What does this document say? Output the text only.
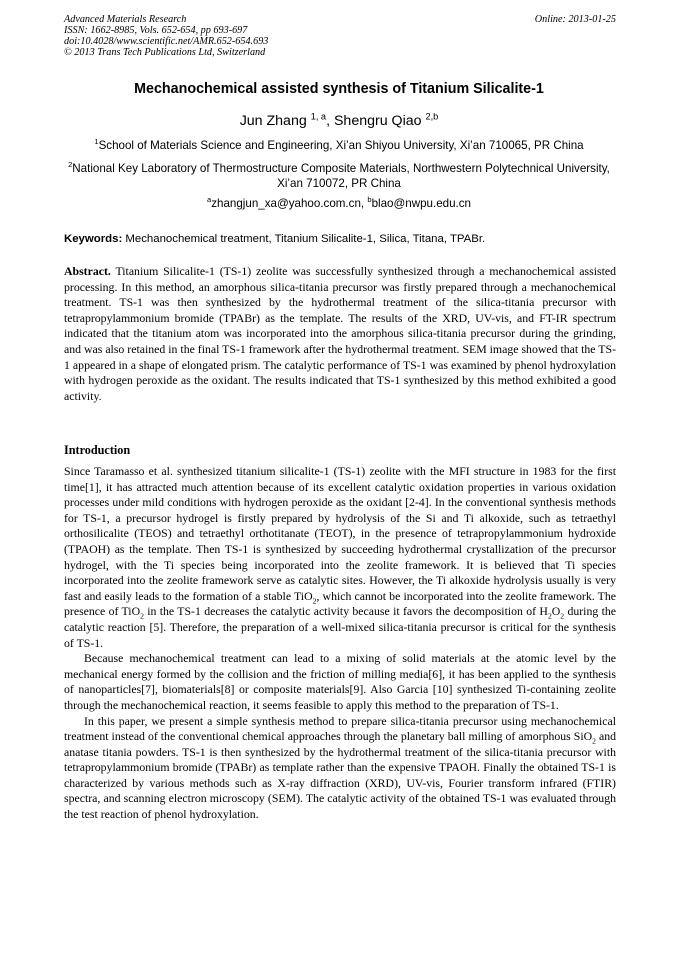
Advanced Materials Research
ISSN: 1662-8985, Vols. 652-654, pp 693-697
doi:10.4028/www.scientific.net/AMR.652-654.693
© 2013 Trans Tech Publications Ltd, Switzerland
Online: 2013-01-25
Mechanochemical assisted synthesis of Titanium Silicalite-1
Jun Zhang $^{1, a}$, Shengru Qiao $^{2,b}$
$^1$School of Materials Science and Engineering, Xi’an Shiyou University, Xi’an 710065, PR China
$^2$National Key Laboratory of Thermostructure Composite Materials, Northwestern Polytechnical University, Xi’an 710072, PR China
$^a$zhangjun_xa@yahoo.com.cn, $^b$blao@nwpu.edu.cn
Keywords: Mechanochemical treatment, Titanium Silicalite-1, Silica, Titana, TPABr.

Abstract. Titanium Silicalite-1 (TS-1) zeolite was successfully synthesized through a mechanochemical assisted processing. In this method, an amorphous silica-titania precursor was firstly prepared through a mechanochemical treatment. TS-1 was then synthesized by the hydrothermal treatment of the silica-titania precursor with tetrapropylammonium bromide (TPABr) as the template. The results of the XRD, UV-vis, and FT-IR spectrum indicated that the titanium atom was incorporated into the amorphous silica-titania precursor during the grinding, and was also retained in the final TS-1 framework after the hydrothermal treatment. SEM image showed that the TS-1 appeared in a shape of elongated prism. The catalytic performance of TS-1 was examined by phenol hydroxylation with hydrogen peroxide as the oxidant. The results indicated that TS-1 synthesized by this method exhibited a good activity.

Introduction

Since Taramasso et al. synthesized titanium silicalite-1 (TS-1) zeolite with the MFI structure in 1983 for the first time[1], it has attracted much attention because of its excellent catalytic oxidation properties in various oxidation processes under mild conditions with hydrogen peroxide as the oxidant [2-4]. In the conventional synthesis methods for TS-1, a precursor hydrogel is firstly prepared by hydrolysis of the Si and Ti alkoxide, such as tetraethyl orthosilicalite (TEOS) and tetraethyl orthotitanate (TEOT), in the presence of tetrapropylammonium hydroxide (TPAOH) as the template. Then TS-1 is synthesized by succeeding hydrothermal crystallization of the precursor hydrogel, with the Ti species being incorporated into the zeolite framework. It is believed that Ti species incorporated into the zeolite framework serve as catalytic sites. However, the Ti alkoxide hydrolysis usually is very fast and easily leads to the formation of a stable TiO$_2$, which cannot be incorporated into the zeolite framework. The presence of TiO$_2$ in the TS-1 decreases the catalytic activity because it favors the decomposition of $H_2O_2$ during the catalytic reaction [5]. Therefore, the preparation of a well-mixed silica-titania precursor is critical for the synthesis of TS-1.

Because mechanochemical treatment can lead to a mixing of solid materials at the atomic level by the mechanical energy formed by the collision and the friction of milling media[6], it has been applied to the synthesis of nanoparticles[7], biomaterials[8] or composite materials[9]. Also Garcia [10] synthesized Ti-containing zeolite through the mechanochemical reaction, it seems feasible to apply this method to the preparation of TS-1.

In this paper, we present a simple synthesis method to prepare silica-titania precursor using mechanochemical treatment instead of the conventional chemical approaches through the planetary ball milling of amorphous SiO$_2$ and anatase titania powders. TS-1 is then synthesized by the hydrothermal treatment of the silica-titania precursor with tetrapropylammonium bromide (TPABr) as template rather than the expensive TPAOH. Finally the obtained TS-1 is characterized by various methods such as X-ray diffraction (XRD), UV-vis, Fourier transform infrared (FTIR) spectra, and scanning electron microscopy (SEM). The catalytic activity of the obtained TS-1 was evaluated through the test reaction of phenol hydroxylation.
